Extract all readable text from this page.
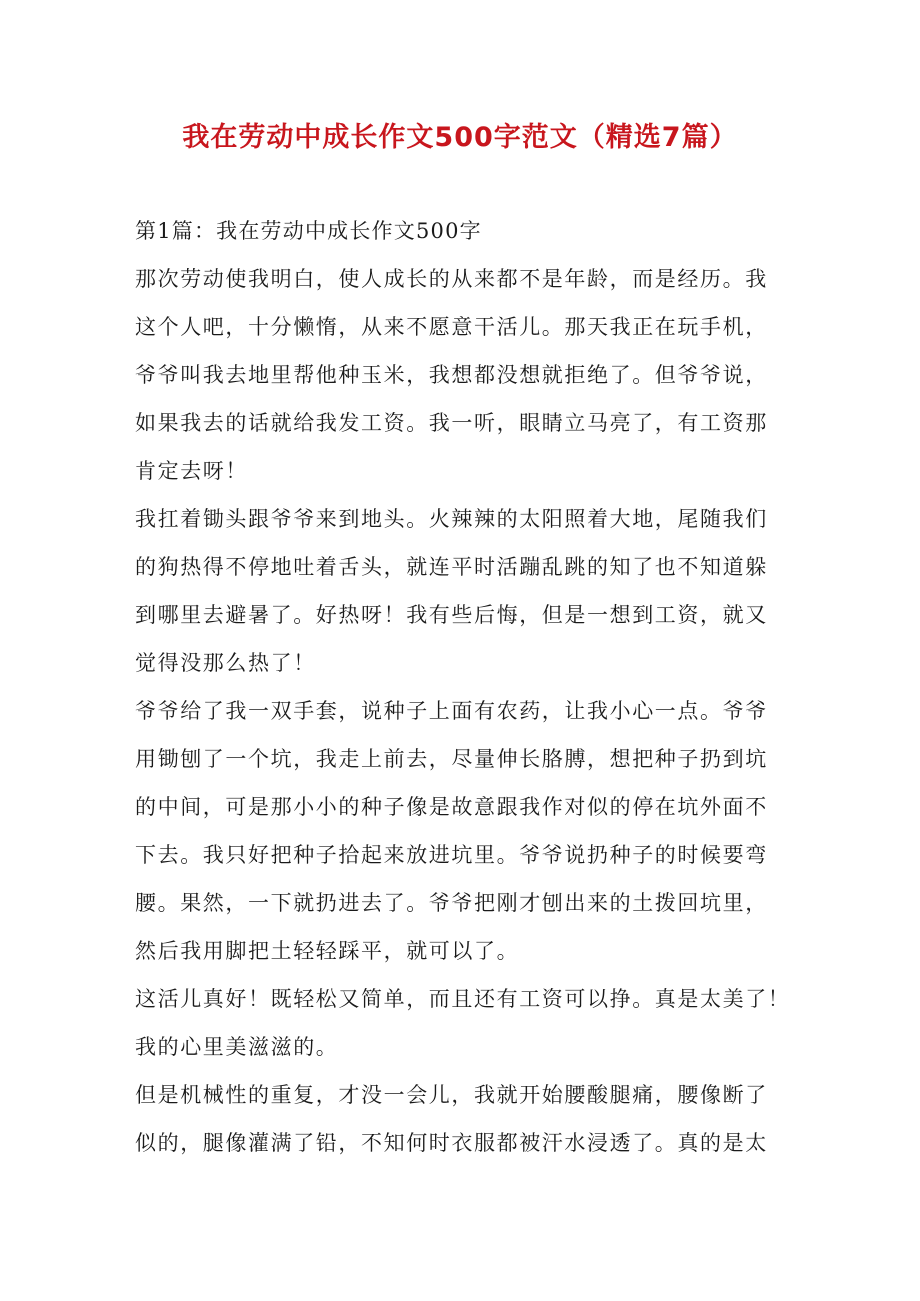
我在劳动中成长作文500字范文（精选7篇）
第1篇：我在劳动中成长作文500字
那次劳动使我明白，使人成长的从来都不是年龄，而是经历。我
这个人吧，十分懒惰，从来不愿意干活儿。那天我正在玩手机，
爷爷叫我去地里帮他种玉米，我想都没想就拒绝了。但爷爷说，
如果我去的话就给我发工资。我一听，眼睛立马亮了，有工资那
肯定去呀！
我扛着锄头跟爷爷来到地头。火辣辣的太阳照着大地，尾随我们
的狗热得不停地吐着舌头，就连平时活蹦乱跳的知了也不知道躲
到哪里去避暑了。好热呀！我有些后悔，但是一想到工资，就又
觉得没那么热了！
爷爷给了我一双手套，说种子上面有农药，让我小心一点。爷爷
用锄刨了一个坑，我走上前去，尽量伸长胳膊，想把种子扔到坑
的中间，可是那小小的种子像是故意跟我作对似的停在坑外面不
下去。我只好把种子拾起来放进坑里。爷爷说扔种子的时候要弯
腰。果然，一下就扔进去了。爷爷把刚才刨出来的土拨回坑里，
然后我用脚把土轻轻踩平，就可以了。
这活儿真好！既轻松又简单，而且还有工资可以挣。真是太美了！
我的心里美滋滋的。
但是机械性的重复，才没一会儿，我就开始腰酸腿痛，腰像断了
似的，腿像灌满了铅，不知何时衣服都被汗水浸透了。真的是太
